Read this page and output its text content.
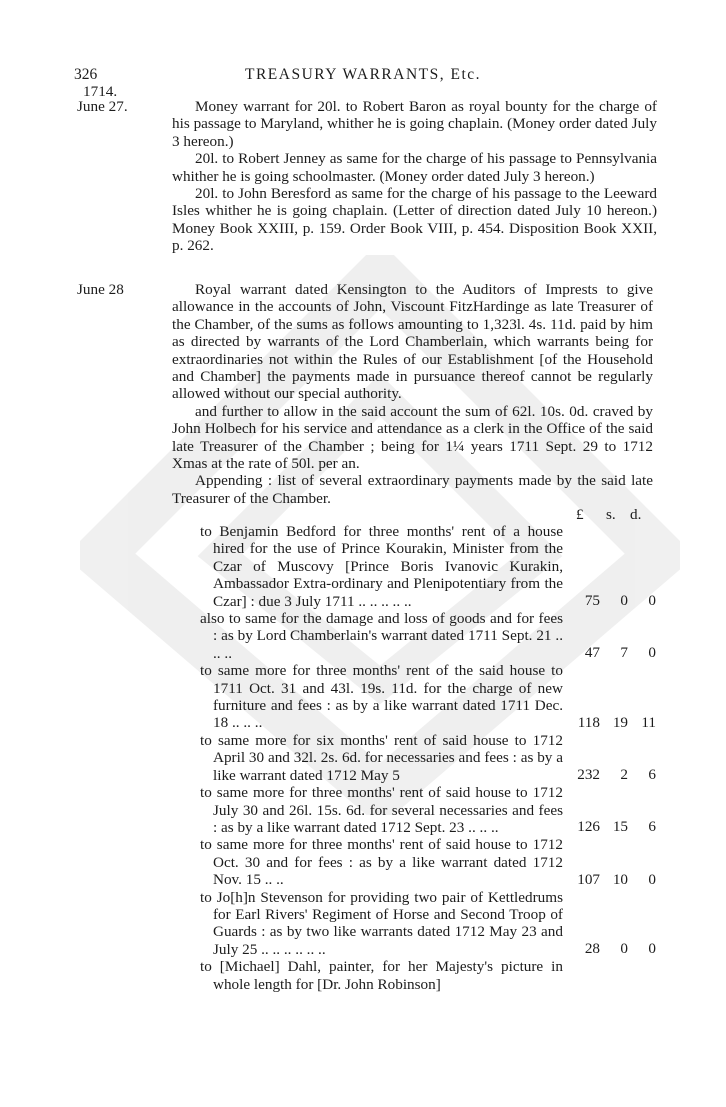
326	TREASURY WARRANTS, Etc.
1714.
June 27.	Money warrant for 20l. to Robert Baron as royal bounty for the charge of his passage to Maryland, whither he is going chaplain. (Money order dated July 3 hereon.)

20l. to Robert Jenney as same for the charge of his passage to Pennsylvania whither he is going schoolmaster. (Money order dated July 3 hereon.)

20l. to John Beresford as same for the charge of his passage to the Leeward Isles whither he is going chaplain. (Letter of direction dated July 10 hereon.) Money Book XXIII, p. 159. Order Book VIII, p. 454. Disposition Book XXII, p. 262.

June 28	Royal warrant dated Kensington to the Auditors of Imprests to give allowance in the accounts of John, Viscount FitzHardinge as late Treasurer of the Chamber, of the sums as follows amounting to 1,323l. 4s. 11d. paid by him as directed by warrants of the Lord Chamberlain, which warrants being for extraordinaries not within the Rules of our Establishment [of the Household and Chamber] the payments made in pursuance thereof cannot be regularly allowed without our special authority.

and further to allow in the said account the sum of 62l. 10s. 0d. craved by John Holbech for his service and attendance as a clerk in the Office of the said late Treasurer of the Chamber ; being for 1¼ years 1711 Sept. 29 to 1712 Xmas at the rate of 50l. per an.

Appending : list of several extraordinary payments made by the said late Treasurer of the Chamber.

£ s. d.
to Benjamin Bedford for three months' rent of a house hired for the use of Prince Kourakin, Minister from the Czar of Muscovy [Prince Boris Ivanovic Kurakin, Ambassador Extra-ordinary and Plenipotentiary from the Czar] : due 3 July 1711 .. .. .. .. ..	75	0	0
also to same for the damage and loss of goods and for fees : as by Lord Chamberlain's warrant dated 1711 Sept. 21 .. .. ..	47	7	0
to same more for three months' rent of the said house to 1711 Oct. 31 and 43l. 19s. 11d. for the charge of new furniture and fees : as by a like warrant dated 1711 Dec. 18 .. .. ..	118 19 11
to same more for six months' rent of said house to 1712 April 30 and 32l. 2s. 6d. for necessaries and fees : as by a like warrant dated 1712 May 5	232	2	6
to same more for three months' rent of said house to 1712 July 30 and 26l. 15s. 6d. for several necessaries and fees : as by a like warrant dated 1712 Sept. 23 .. .. ..	126 15	6
to same more for three months' rent of said house to 1712 Oct. 30 and for fees : as by a like warrant dated 1712 Nov. 15 .. ..	107 10	0
to Jo[h]n Stevenson for providing two pair of Kettledrums for Earl Rivers' Regiment of Horse and Second Troop of Guards : as by two like warrants dated 1712 May 23 and July 25 .. .. .. .. .. ..	28	0	0
to [Michael] Dahl, painter, for her Majesty's picture in whole length for [Dr. John Robinson]
